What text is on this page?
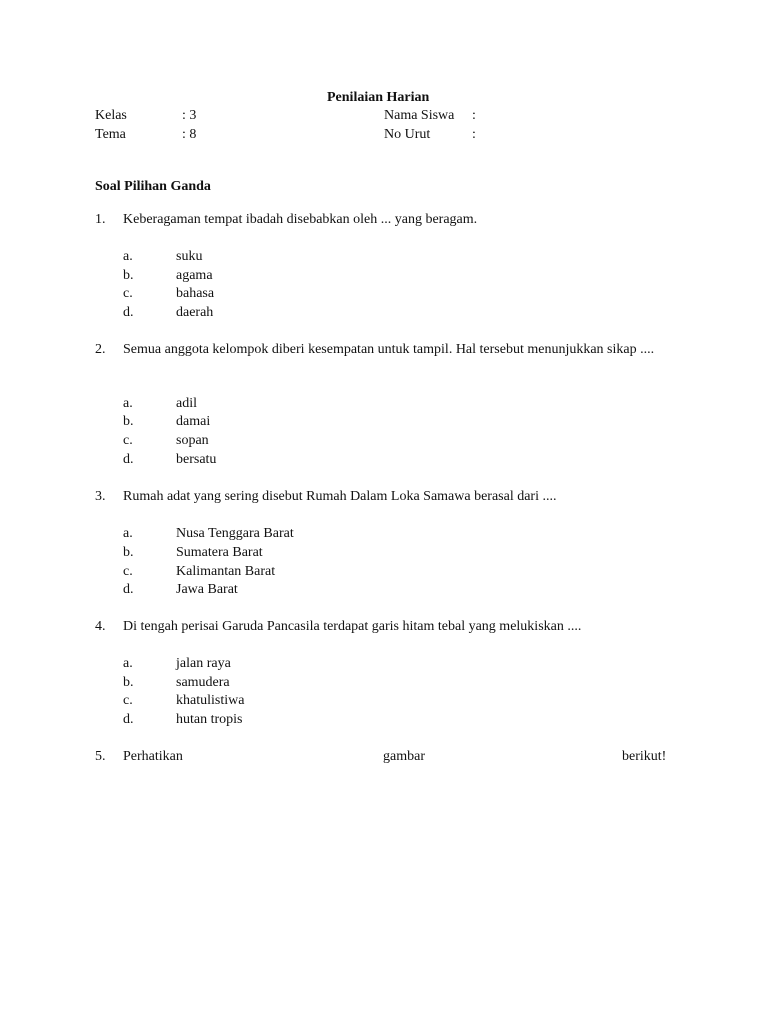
Penilaian Harian
Kelas	: 3	Nama Siswa :
Tema	: 8	No Urut	:
Soal Pilihan Ganda
1. Keberagaman tempat ibadah disebabkan oleh ... yang beragam.
a.	suku
b.	agama
c.	bahasa
d.	daerah
2. Semua anggota kelompok diberi kesempatan untuk tampil. Hal tersebut menunjukkan sikap ....
a.	adil
b.	damai
c.	sopan
d.	bersatu
3. Rumah adat yang sering disebut Rumah Dalam Loka Samawa berasal dari ....
a.	Nusa Tenggara Barat
b.	Sumatera Barat
c.	Kalimantan Barat
d.	Jawa Barat
4. Di tengah perisai Garuda Pancasila terdapat garis hitam tebal yang melukiskan ....
a.	jalan raya
b.	samudera
c.	khatulistiwa
d.	hutan tropis
5. Perhatikan	gambar	berikut!
